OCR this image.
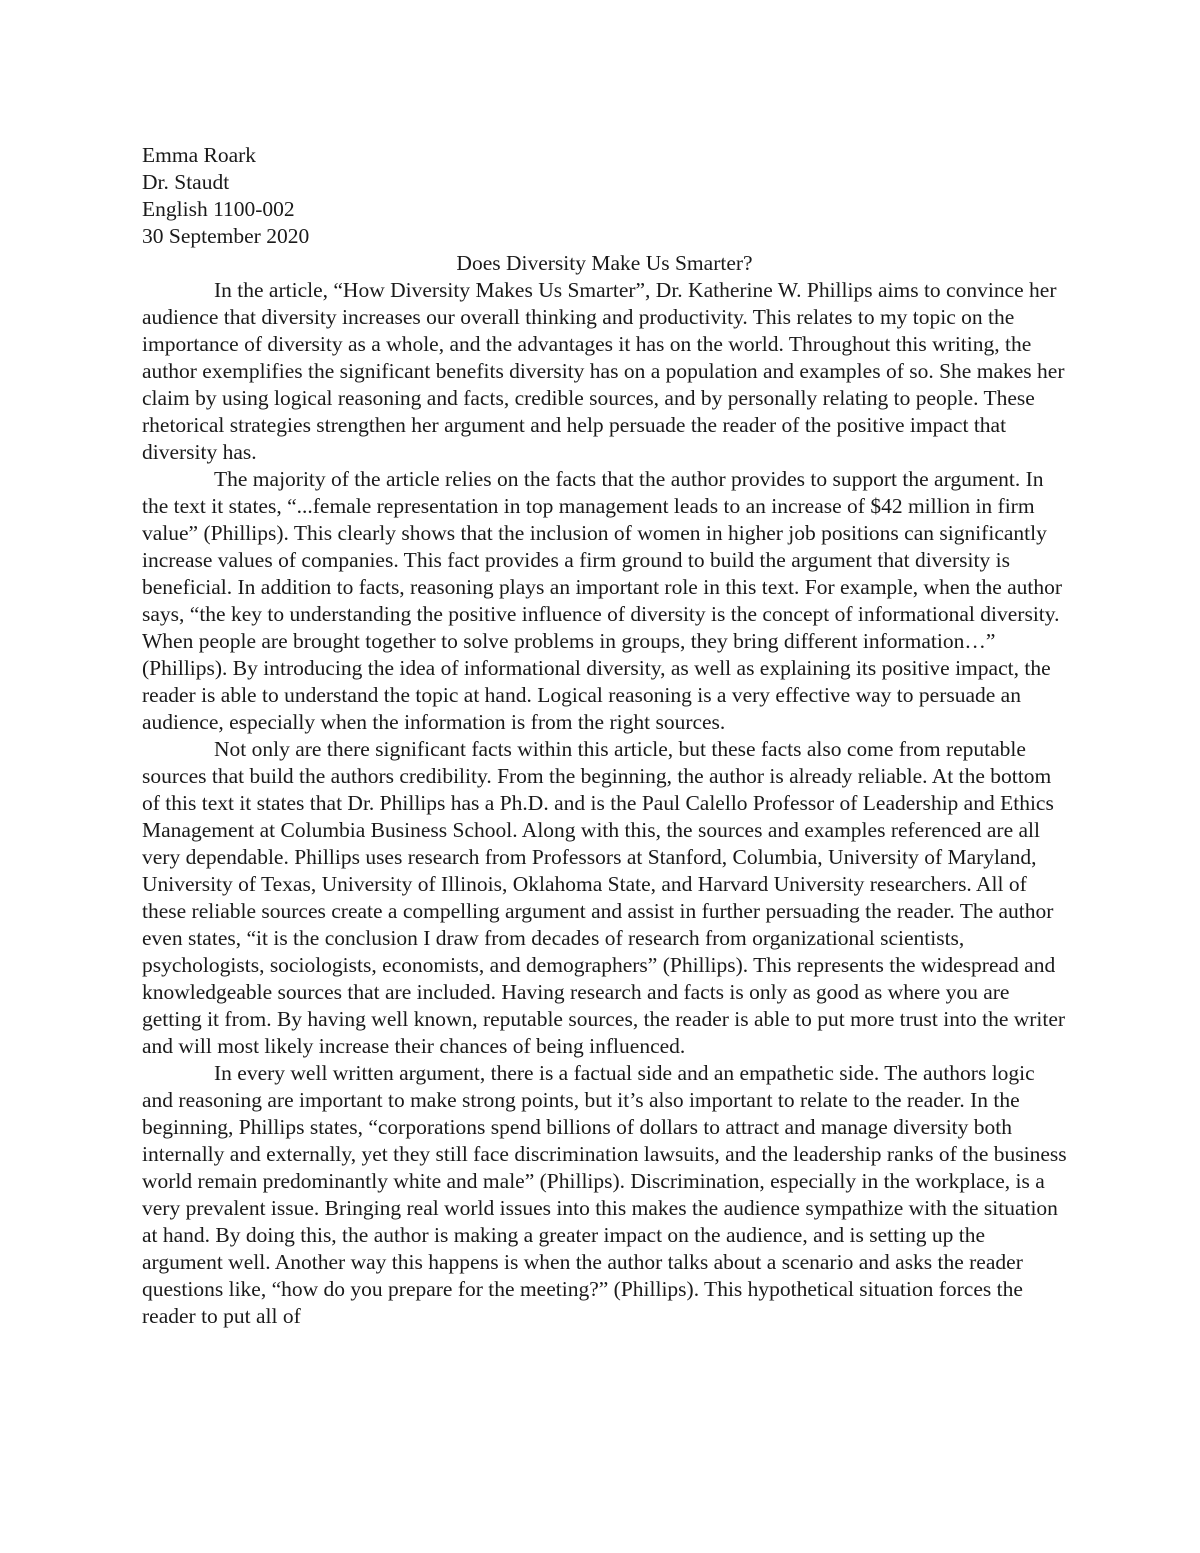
Emma Roark

Dr. Staudt

English 1100-002

30 September 2020

Does Diversity Make Us Smarter?

In the article, “How Diversity Makes Us Smarter”, Dr. Katherine W. Phillips aims to convince her audience that diversity increases our overall thinking and productivity. This relates to my topic on the importance of diversity as a whole, and the advantages it has on the world. Throughout this writing, the author exemplifies the significant benefits diversity has on a population and examples of so. She makes her claim by using logical reasoning and facts, credible sources, and by personally relating to people. These rhetorical strategies strengthen her argument and help persuade the reader of the positive impact that diversity has.

The majority of the article relies on the facts that the author provides to support the argument. In the text it states, “...female representation in top management leads to an increase of $42 million in firm value” (Phillips). This clearly shows that the inclusion of women in higher job positions can significantly increase values of companies. This fact provides a firm ground to build the argument that diversity is beneficial. In addition to facts, reasoning plays an important role in this text. For example, when the author says, “the key to understanding the positive influence of diversity is the concept of informational diversity. When people are brought together to solve problems in groups, they bring different information…” (Phillips). By introducing the idea of informational diversity, as well as explaining its positive impact, the reader is able to understand the topic at hand. Logical reasoning is a very effective way to persuade an audience, especially when the information is from the right sources.

Not only are there significant facts within this article, but these facts also come from reputable sources that build the authors credibility. From the beginning, the author is already reliable. At the bottom of this text it states that Dr. Phillips has a Ph.D. and is the Paul Calello Professor of Leadership and Ethics Management at Columbia Business School. Along with this, the sources and examples referenced are all very dependable. Phillips uses research from Professors at Stanford, Columbia, University of Maryland, University of Texas, University of Illinois, Oklahoma State, and Harvard University researchers. All of these reliable sources create a compelling argument and assist in further persuading the reader. The author even states, “it is the conclusion I draw from decades of research from organizational scientists, psychologists, sociologists, economists, and demographers” (Phillips). This represents the widespread and knowledgeable sources that are included. Having research and facts is only as good as where you are getting it from. By having well known, reputable sources, the reader is able to put more trust into the writer and will most likely increase their chances of being influenced.

In every well written argument, there is a factual side and an empathetic side. The authors logic and reasoning are important to make strong points, but it’s also important to relate to the reader. In the beginning, Phillips states, “corporations spend billions of dollars to attract and manage diversity both internally and externally, yet they still face discrimination lawsuits, and the leadership ranks of the business world remain predominantly white and male” (Phillips). Discrimination, especially in the workplace, is a very prevalent issue. Bringing real world issues into this makes the audience sympathize with the situation at hand. By doing this, the author is making a greater impact on the audience, and is setting up the argument well. Another way this happens is when the author talks about a scenario and asks the reader questions like, “how do you prepare for the meeting?” (Phillips). This hypothetical situation forces the reader to put all of
